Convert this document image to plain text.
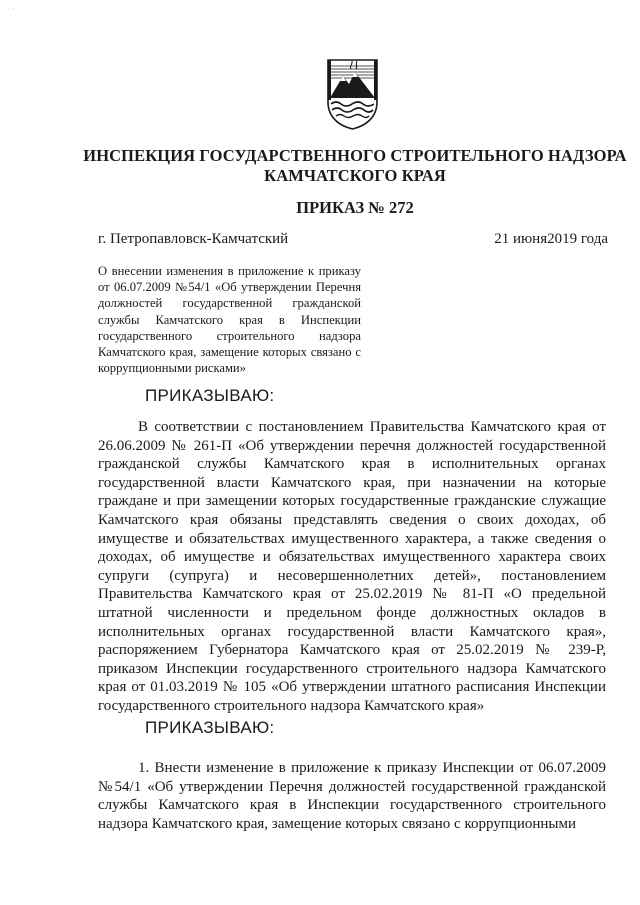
· ·
ИНСПЕКЦИЯ ГОСУДАРСТВЕННОГО СТРОИТЕЛЬНОГО НАДЗОРА
КАМЧАТСКОГО КРАЯ
ПРИКАЗ № 272
г. Петропавловск-Камчатский	21 июня2019 года
О внесении изменения в приложение к приказу от 06.07.2009 №54/1 «Об утверждении Перечня должностей государственной гражданской службы Камчатского края в Инспекции государственного строительного надзора Камчатского края, замещение которых связано с коррупционными рисками»
ПРИКАЗЫВАЮ:
В соответствии с постановлением Правительства Камчатского края от 26.06.2009 № 261-П «Об утверждении перечня должностей государственной гражданской службы Камчатского края в исполнительных органах государственной власти Камчатского края, при назначении на которые граждане и при замещении которых государственные гражданские служащие Камчатского края обязаны представлять сведения о своих доходах, об имуществе и обязательствах имущественного характера, а также сведения о доходах, об имуществе и обязательствах имущественного характера своих супруги (супруга) и несовершеннолетних детей», постановлением Правительства Камчатского края от 25.02.2019 № 81-П «О предельной штатной численности и предельном фонде должностных окладов в исполнительных органах государственной власти Камчатского края», распоряжением Губернатора Камчатского края от 25.02.2019 № 239-Р, приказом Инспекции государственного строительного надзора Камчатского края от 01.03.2019 № 105 «Об утверждении штатного расписания Инспекции государственного строительного надзора Камчатского края»
ПРИКАЗЫВАЮ:
1. Внести изменение в приложение к приказу Инспекции от 06.07.2009 №54/1 «Об утверждении Перечня должностей государственной гражданской службы Камчатского края в Инспекции государственного строительного надзора Камчатского края, замещение которых связано с коррупционными
